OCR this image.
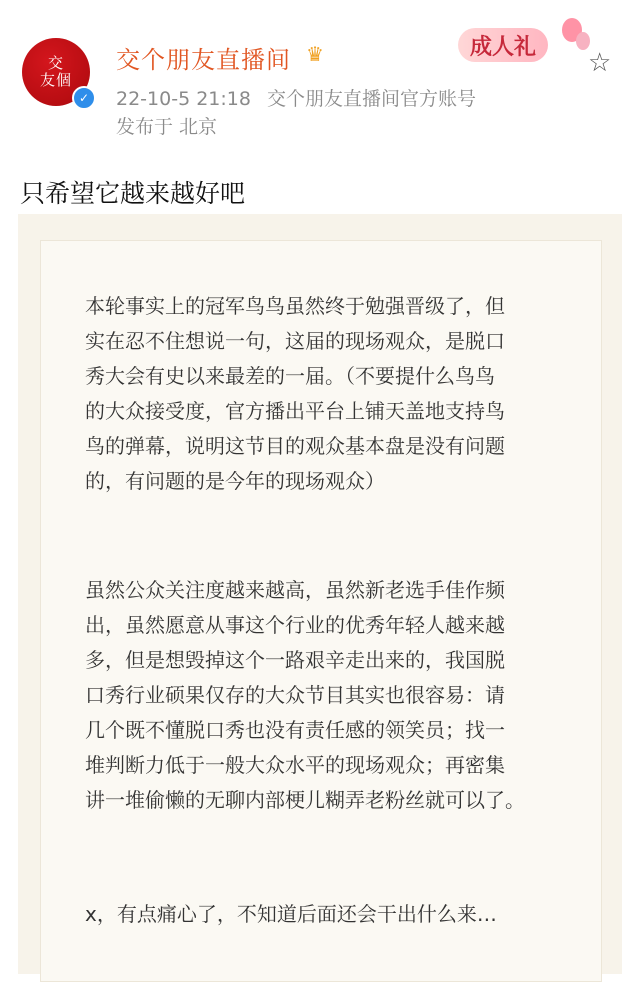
交
友個
✓
交个朋友直播间 ♛
22-10-5 21:18 交个朋友直播间官方账号
发布于 北京
成人礼
☆
只希望它越来越好吧
本轮事实上的冠军鸟鸟虽然终于勉强晋级了，但
实在忍不住想说一句，这届的现场观众，是脱口
秀大会有史以来最差的一届。（不要提什么鸟鸟
的大众接受度，官方播出平台上铺天盖地支持鸟
鸟的弹幕，说明这节目的观众基本盘是没有问题
的，有问题的是今年的现场观众）
虽然公众关注度越来越高，虽然新老选手佳作频
出，虽然愿意从事这个行业的优秀年轻人越来越
多，但是想毁掉这个一路艰辛走出来的，我国脱
口秀行业硕果仅存的大众节目其实也很容易：请
几个既不懂脱口秀也没有责任感的领笑员；找一
堆判断力低于一般大众水平的现场观众；再密集
讲一堆偷懒的无聊内部梗儿糊弄老粉丝就可以了。
x，有点痛心了，不知道后面还会干出什么来…
